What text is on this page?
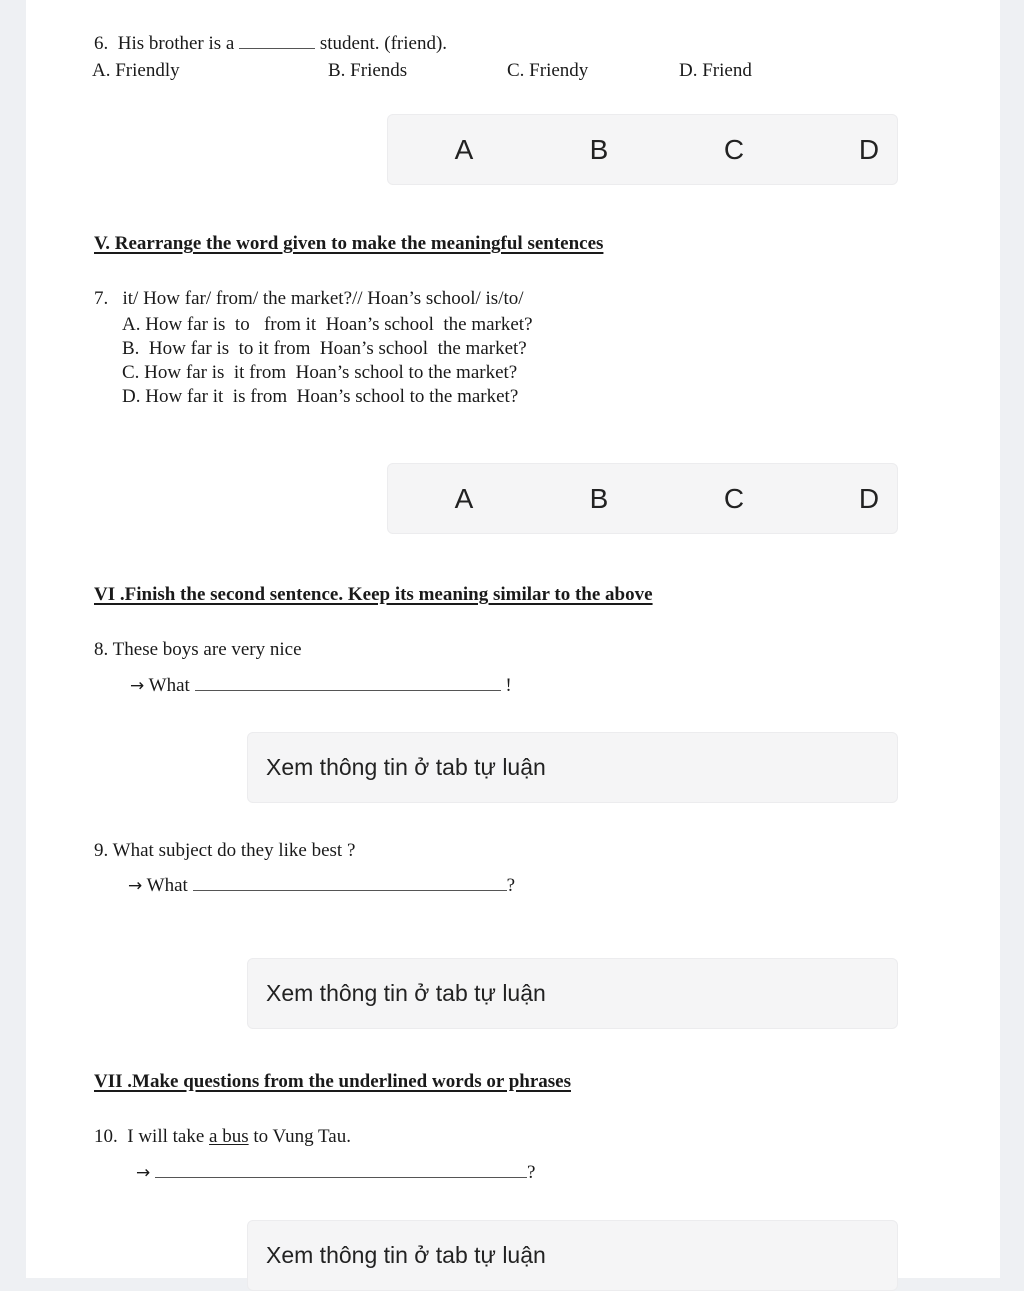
6. His brother is a	student. (friend).
A. Friendly	B. Friends	C. Friendy	D. Friend
A	B	C	D
V. Rearrange the word given to make the meaningful sentences
7. it/ How far/ from/ the market?// Hoan’s school/ is/to/
A. How far is  to   from it  Hoan’s school  the market?
B.  How far is  to it from  Hoan’s school  the market?
C. How far is  it from  Hoan’s school to the market?
D. How far it  is from  Hoan’s school to the market?
A	B	C	D
VI .Finish the second sentence. Keep its meaning similar to the above
8. These boys are very nice
→ What	!
Xem thông tin ở tab tự luận
9. What subject do they like best ?
→ What	?
Xem thông tin ở tab tự luận
VII .Make questions from the underlined words or phrases
10. I will take a bus to Vung Tau.
→	?
Xem thông tin ở tab tự luận
